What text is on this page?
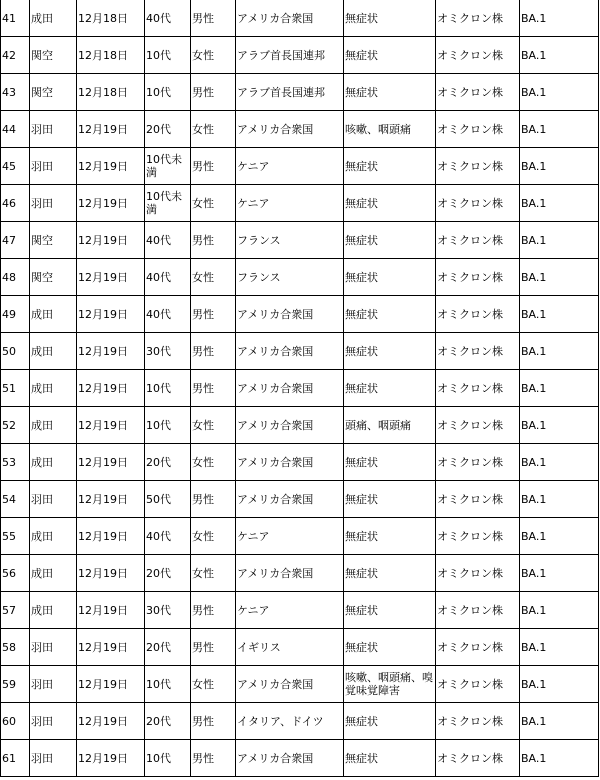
41	成田	12月18日	40代	男性	アメリカ合衆国	無症状	オミクロン株	BA.1
42	関空	12月18日	10代	女性	アラブ首長国連邦	無症状	オミクロン株	BA.1
43	関空	12月18日	10代	男性	アラブ首長国連邦	無症状	オミクロン株	BA.1
44	羽田	12月19日	20代	女性	アメリカ合衆国	咳嗽、咽頭痛	オミクロン株	BA.1
45	羽田	12月19日	10代未満	男性	ケニア	無症状	オミクロン株	BA.1
46	羽田	12月19日	10代未満	女性	ケニア	無症状	オミクロン株	BA.1
47	関空	12月19日	40代	男性	フランス	無症状	オミクロン株	BA.1
48	関空	12月19日	40代	女性	フランス	無症状	オミクロン株	BA.1
49	成田	12月19日	40代	男性	アメリカ合衆国	無症状	オミクロン株	BA.1
50	成田	12月19日	30代	男性	アメリカ合衆国	無症状	オミクロン株	BA.1
51	成田	12月19日	10代	男性	アメリカ合衆国	無症状	オミクロン株	BA.1
52	成田	12月19日	10代	女性	アメリカ合衆国	頭痛、咽頭痛	オミクロン株	BA.1
53	成田	12月19日	20代	女性	アメリカ合衆国	無症状	オミクロン株	BA.1
54	羽田	12月19日	50代	男性	アメリカ合衆国	無症状	オミクロン株	BA.1
55	成田	12月19日	40代	女性	ケニア	無症状	オミクロン株	BA.1
56	成田	12月19日	20代	女性	アメリカ合衆国	無症状	オミクロン株	BA.1
57	成田	12月19日	30代	男性	ケニア	無症状	オミクロン株	BA.1
58	羽田	12月19日	20代	男性	イギリス	無症状	オミクロン株	BA.1
59	羽田	12月19日	10代	女性	アメリカ合衆国	咳嗽、咽頭痛、嗅覚味覚障害	オミクロン株	BA.1
60	羽田	12月19日	20代	男性	イタリア、ドイツ	無症状	オミクロン株	BA.1
61	羽田	12月19日	10代	男性	アメリカ合衆国	無症状	オミクロン株	BA.1
